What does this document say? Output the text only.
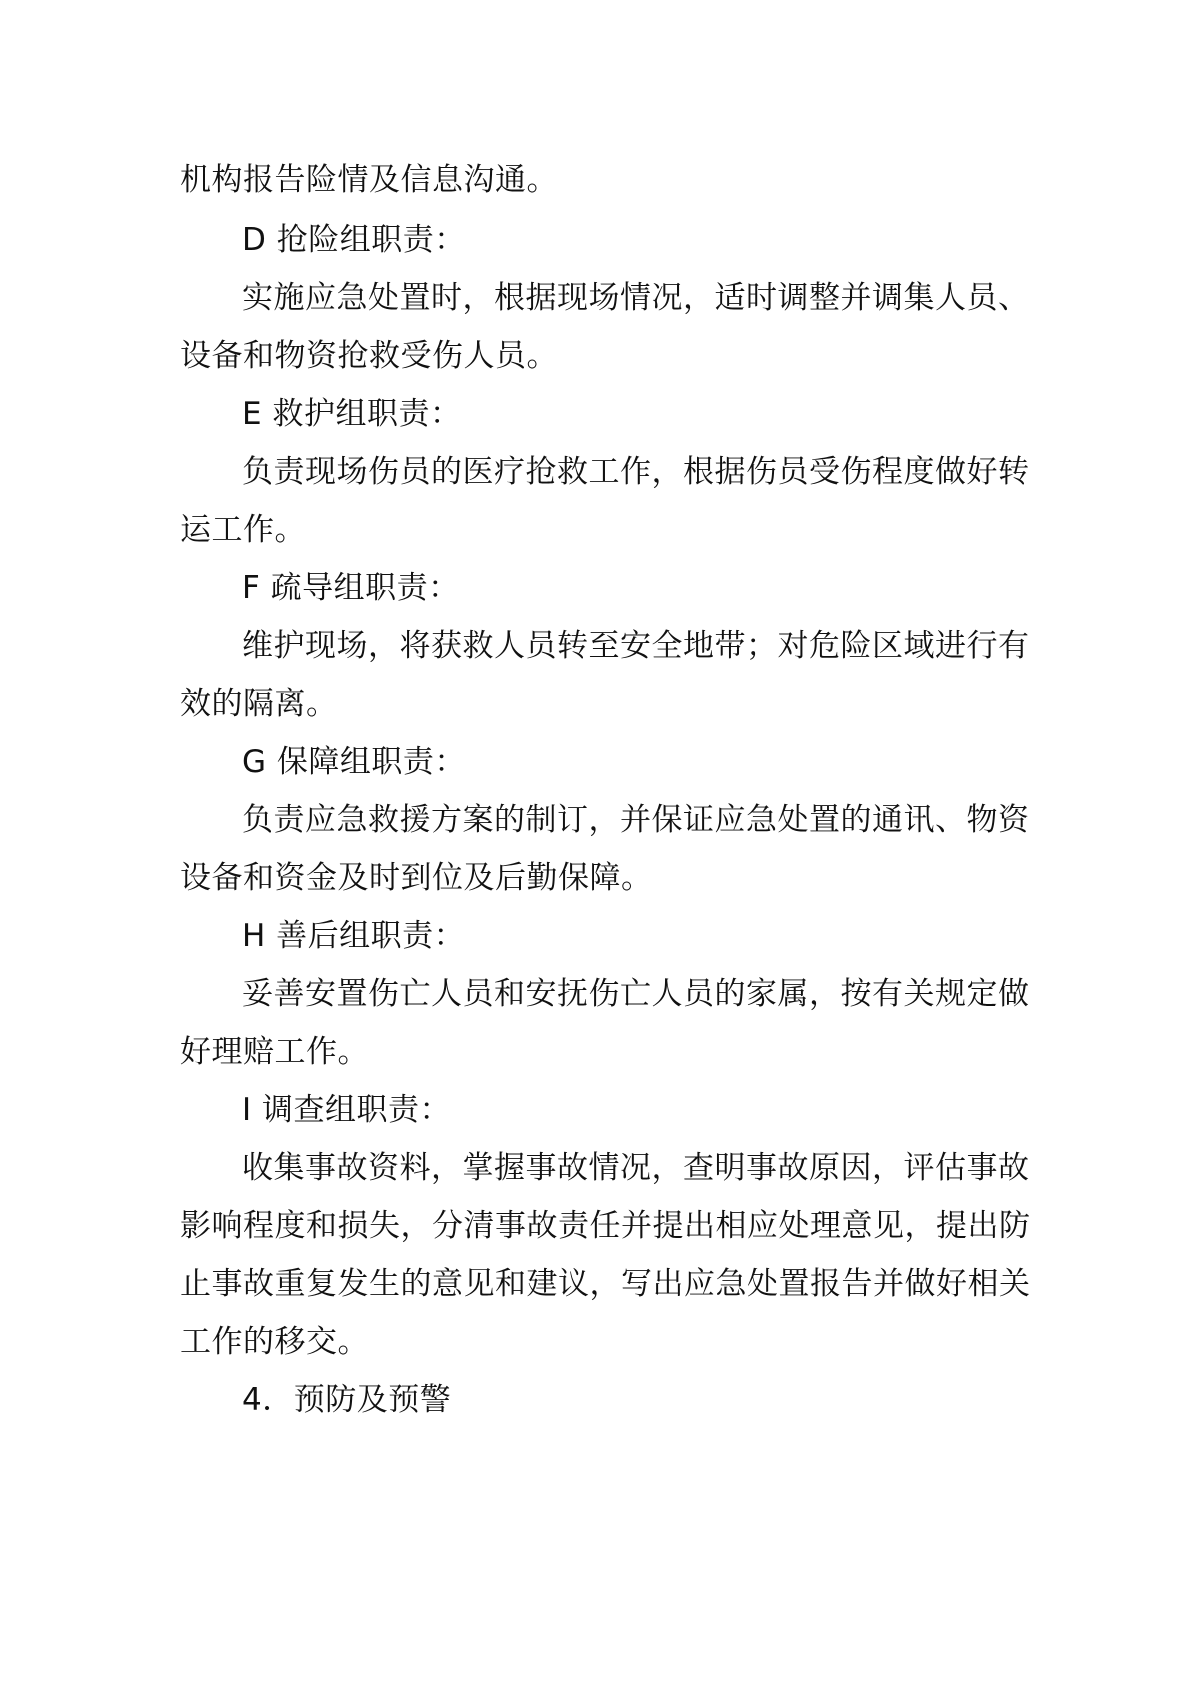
机构报告险情及信息沟通。
D 抢险组职责：
实施应急处置时，根据现场情况，适时调整并调集人员、
设备和物资抢救受伤人员。
E 救护组职责：
负责现场伤员的医疗抢救工作，根据伤员受伤程度做好转
运工作。
F 疏导组职责：
维护现场，将获救人员转至安全地带；对危险区域进行有
效的隔离。
G 保障组职责：
负责应急救援方案的制订，并保证应急处置的通讯、物资
设备和资金及时到位及后勤保障。
H 善后组职责：
妥善安置伤亡人员和安抚伤亡人员的家属，按有关规定做
好理赔工作。
I 调查组职责：
收集事故资料，掌握事故情况，查明事故原因，评估事故
影响程度和损失，分清事故责任并提出相应处理意见，提出防
止事故重复发生的意见和建议，写出应急处置报告并做好相关
工作的移交。
4．预防及预警
